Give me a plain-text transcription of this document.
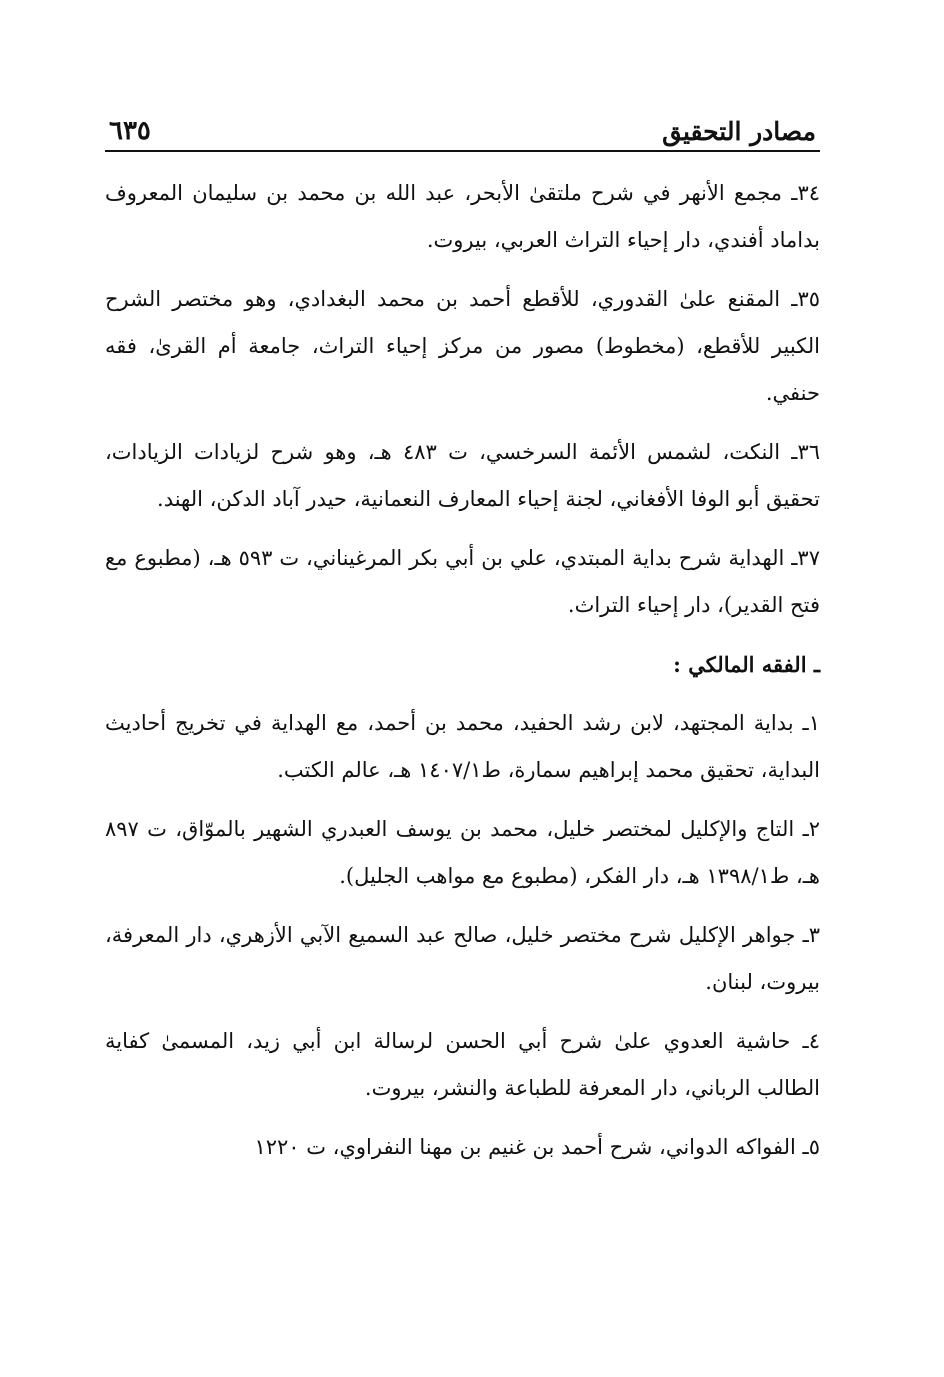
مصادر التحقيق
٦٣٥

٣٤ـ مجمع الأنهر في شرح ملتقىٰ الأبحر، عبد الله بن محمد بن سليمان المعروف بداماد أفندي، دار إحياء التراث العربي، بيروت.

٣٥ـ المقنع علىٰ القدوري، للأقطع أحمد بن محمد البغدادي، وهو مختصر الشرح الكبير للأقطع، (مخطوط) مصور من مركز إحياء التراث، جامعة أم القرىٰ، فقه حنفي.

٣٦ـ النكت، لشمس الأئمة السرخسي، ت ٤٨٣ هـ، وهو شرح لزيادات الزيادات، تحقيق أبو الوفا الأفغاني، لجنة إحياء المعارف النعمانية، حيدر آباد الدكن، الهند.

٣٧ـ الهداية شرح بداية المبتدي، علي بن أبي بكر المرغيناني، ت ٥٩٣ هـ، (مطبوع مع فتح القدير)، دار إحياء التراث.

ـ الفقه المالكي :

١ـ بداية المجتهد، لابن رشد الحفيد، محمد بن أحمد، مع الهداية في تخريج أحاديث البداية، تحقيق محمد إبراهيم سمارة، ط١٤٠٧/١ هـ، عالم الكتب.

٢ـ التاج والإكليل لمختصر خليل، محمد بن يوسف العبدري الشهير بالموّاق، ت ٨٩٧ هـ، ط١٣٩٨/١ هـ، دار الفكر، (مطبوع مع مواهب الجليل).

٣ـ جواهر الإكليل شرح مختصر خليل، صالح عبد السميع الآبي الأزهري، دار المعرفة، بيروت، لبنان.

٤ـ حاشية العدوي علىٰ شرح أبي الحسن لرسالة ابن أبي زيد، المسمىٰ كفاية الطالب الرباني، دار المعرفة للطباعة والنشر، بيروت.

٥ـ الفواكه الدواني، شرح أحمد بن غنيم بن مهنا النفراوي، ت ١٢٢٠
